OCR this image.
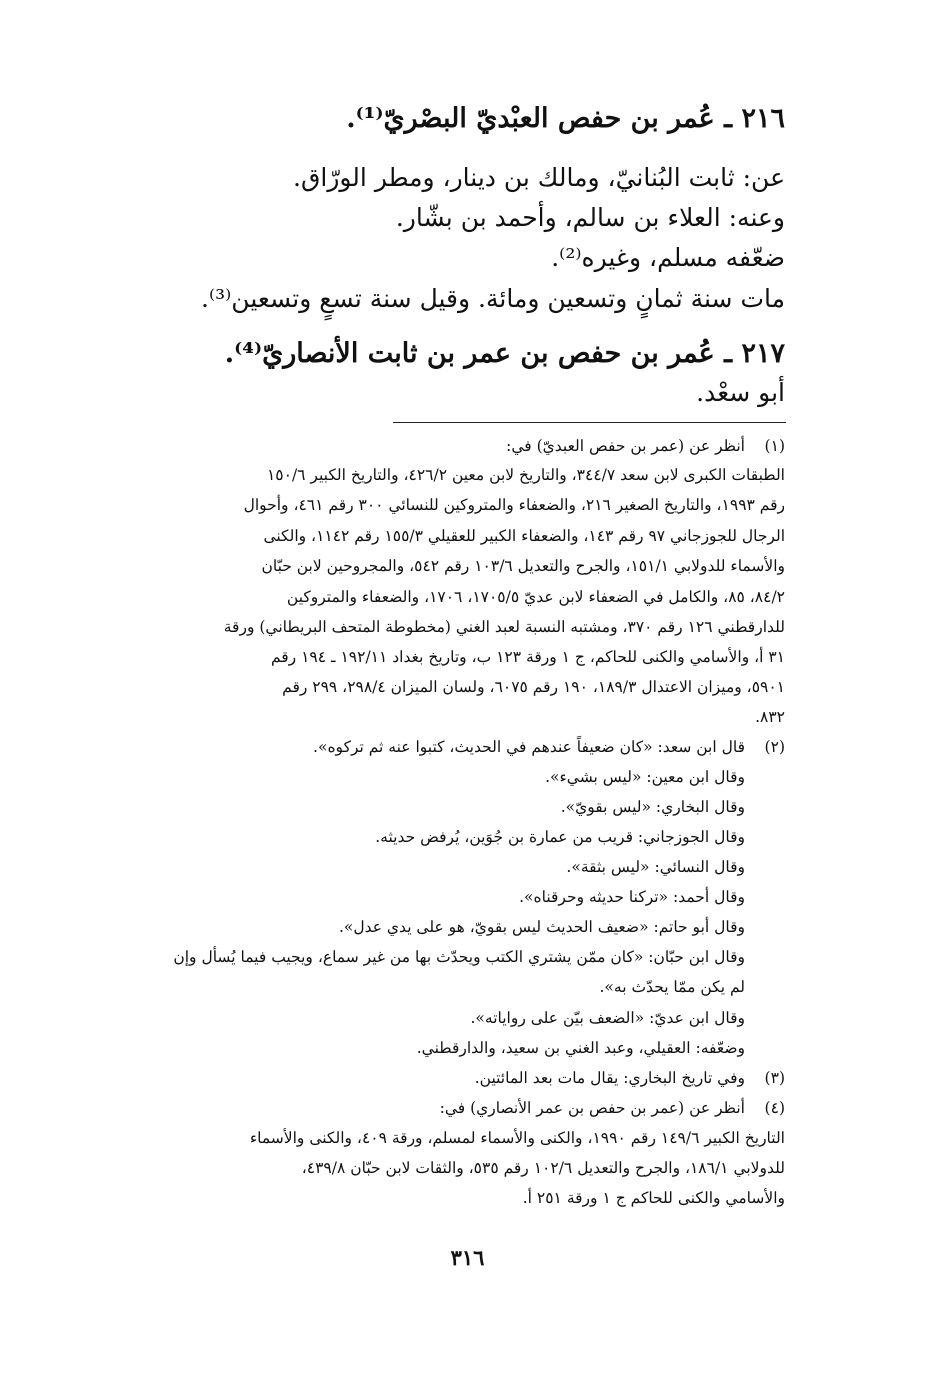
٢١٦ ـ عُمر بن حفص العبْديّ البصْريّ⁽¹⁾.
عن: ثابت البُنانيّ، ومالك بن دينار، ومطر الورّاق.
وعنه: العلاء بن سالم، وأحمد بن بشّار.
ضعّفه مسلم، وغيره⁽²⁾.
مات سنة ثمانٍ وتسعين ومائة. وقيل سنة تسعٍ وتسعين⁽³⁾.
٢١٧ ـ عُمر بن حفص بن عمر بن ثابت الأنصاريّ⁽⁴⁾.
أبو سعْد.
(١)
أنظر عن (عمر بن حفص العبديّ) في:
الطبقات الكبرى لابن سعد ٣٤٤/٧، والتاريخ لابن معين ٤٢٦/٢، والتاريخ الكبير ١٥٠/٦
رقم ١٩٩٣، والتاريخ الصغير ٢١٦، والضعفاء والمتروكين للنسائي ٣٠٠ رقم ٤٦١، وأحوال
الرجال للجوزجاني ٩٧ رقم ١٤٣، والضعفاء الكبير للعقيلي ١٥٥/٣ رقم ١١٤٢، والكنى
والأسماء للدولابي ١٥١/١، والجرح والتعديل ١٠٣/٦ رقم ٥٤٢، والمجروحين لابن حبّان
٨٤/٢، ٨٥، والكامل في الضعفاء لابن عديّ ١٧٠٥/٥، ١٧٠٦، والضعفاء والمتروكين
للدارقطني ١٢٦ رقم ٣٧٠، ومشتبه النسبة لعبد الغني (مخطوطة المتحف البريطاني) ورقة
٣١ أ، والأسامي والكنى للحاكم، ج ١ ورقة ١٢٣ ب، وتاريخ بغداد ١٩٢/١١ ـ ١٩٤ رقم
٥٩٠١، وميزان الاعتدال ١٨٩/٣، ١٩٠ رقم ٦٠٧٥، ولسان الميزان ٢٩٨/٤، ٢٩٩ رقم
٨٣٢.
(٢)
قال ابن سعد: «كان ضعيفاً عندهم في الحديث، كتبوا عنه ثم تركوه».
وقال ابن معين: «ليس بشيء».
وقال البخاري: «ليس بقويّ».
وقال الجوزجاني: قريب من عمارة بن جُوَين، يُرفض حديثه.
وقال النسائي: «ليس بثقة».
وقال أحمد: «تركنا حديثه وحرقناه».
وقال أبو حاتم: «ضعيف الحديث ليس بقويّ، هو على يدي عدل».
وقال ابن حبّان: «كان ممّن يشتري الكتب ويحدّث بها من غير سماع، ويجيب فيما يُسأل وإن
لم يكن ممّا يحدّث به».
وقال ابن عديّ: «الضعف بيّن على رواياته».
وضعّفه: العقيلي، وعبد الغني بن سعيد، والدارقطني.
(٣)
وفي تاريخ البخاري: يقال مات بعد المائتين.
(٤)
أنظر عن (عمر بن حفص بن عمر الأنصاري) في:
التاريخ الكبير ١٤٩/٦ رقم ١٩٩٠، والكنى والأسماء لمسلم، ورقة ٤٠٩، والكنى والأسماء
للدولابي ١٨٦/١، والجرح والتعديل ١٠٢/٦ رقم ٥٣٥، والثقات لابن حبّان ٤٣٩/٨،
والأسامي والكنى للحاكم ج ١ ورقة ٢٥١ أ.
٣١٦
